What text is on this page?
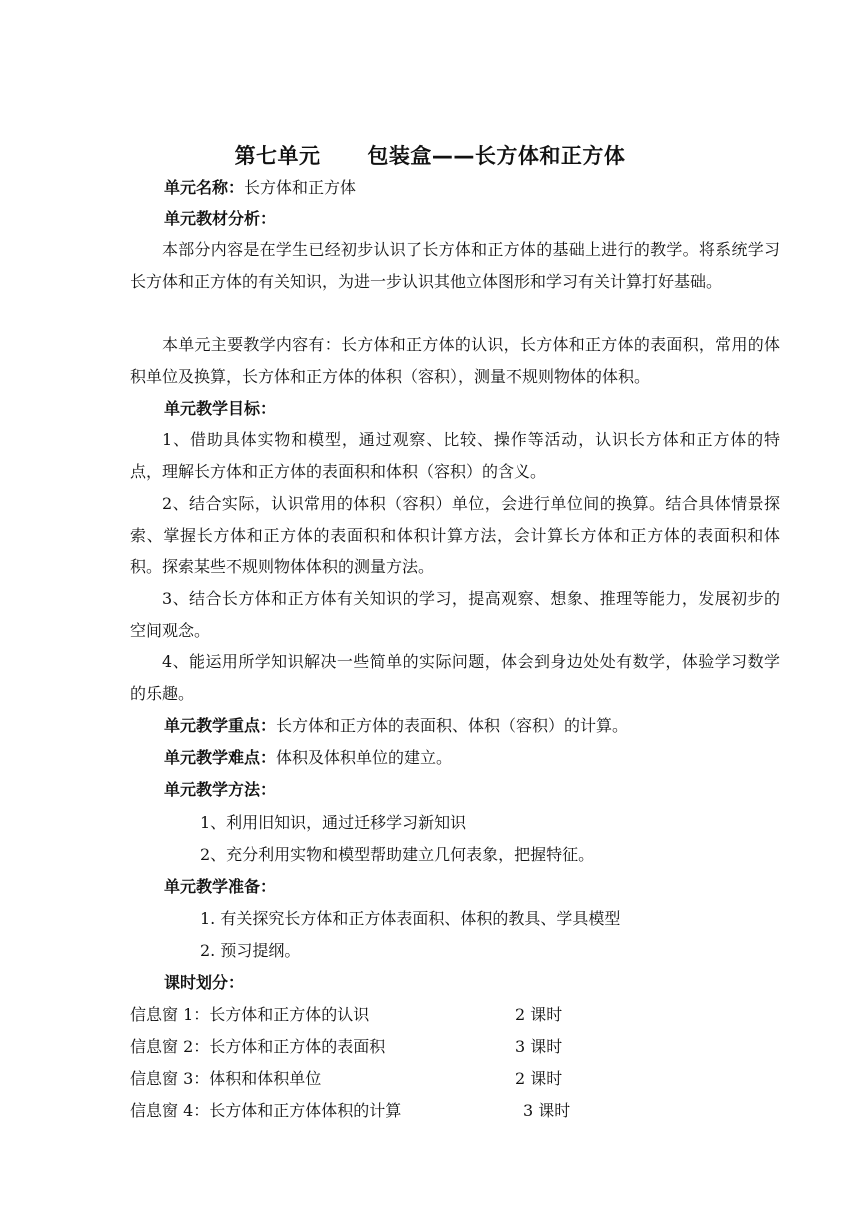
第七单元      包装盒——长方体和正方体
单元名称：长方体和正方体
单元教材分析：

本部分内容是在学生已经初步认识了长方体和正方体的基础上进行的教学。将系统学习长方体和正方体的有关知识，为进一步认识其他立体图形和学习有关计算打好基础。

本单元主要教学内容有：长方体和正方体的认识，长方体和正方体的表面积，常用的体积单位及换算，长方体和正方体的体积（容积），测量不规则物体的体积。

单元教学目标：

1、借助具体实物和模型，通过观察、比较、操作等活动，认识长方体和正方体的特点，理解长方体和正方体的表面积和体积（容积）的含义。

2、结合实际，认识常用的体积（容积）单位，会进行单位间的换算。结合具体情景探索、掌握长方体和正方体的表面积和体积计算方法，会计算长方体和正方体的表面积和体积。探索某些不规则物体体积的测量方法。

3、结合长方体和正方体有关知识的学习，提高观察、想象、推理等能力，发展初步的空间观念。

4、能运用所学知识解决一些简单的实际问题，体会到身边处处有数学，体验学习数学的乐趣。

单元教学重点：长方体和正方体的表面积、体积（容积）的计算。
单元教学难点：体积及体积单位的建立。
单元教学方法：
1、利用旧知识，通过迁移学习新知识
2、充分利用实物和模型帮助建立几何表象，把握特征。
单元教学准备：
1. 有关探究长方体和正方体表面积、体积的教具、学具模型
2. 预习提纲。
课时划分：
信息窗 1：长方体和正方体的认识	2 课时
信息窗 2：长方体和正方体的表面积	3 课时
信息窗 3：体积和体积单位	2 课时
信息窗 4：长方体和正方体体积的计算	3 课时
